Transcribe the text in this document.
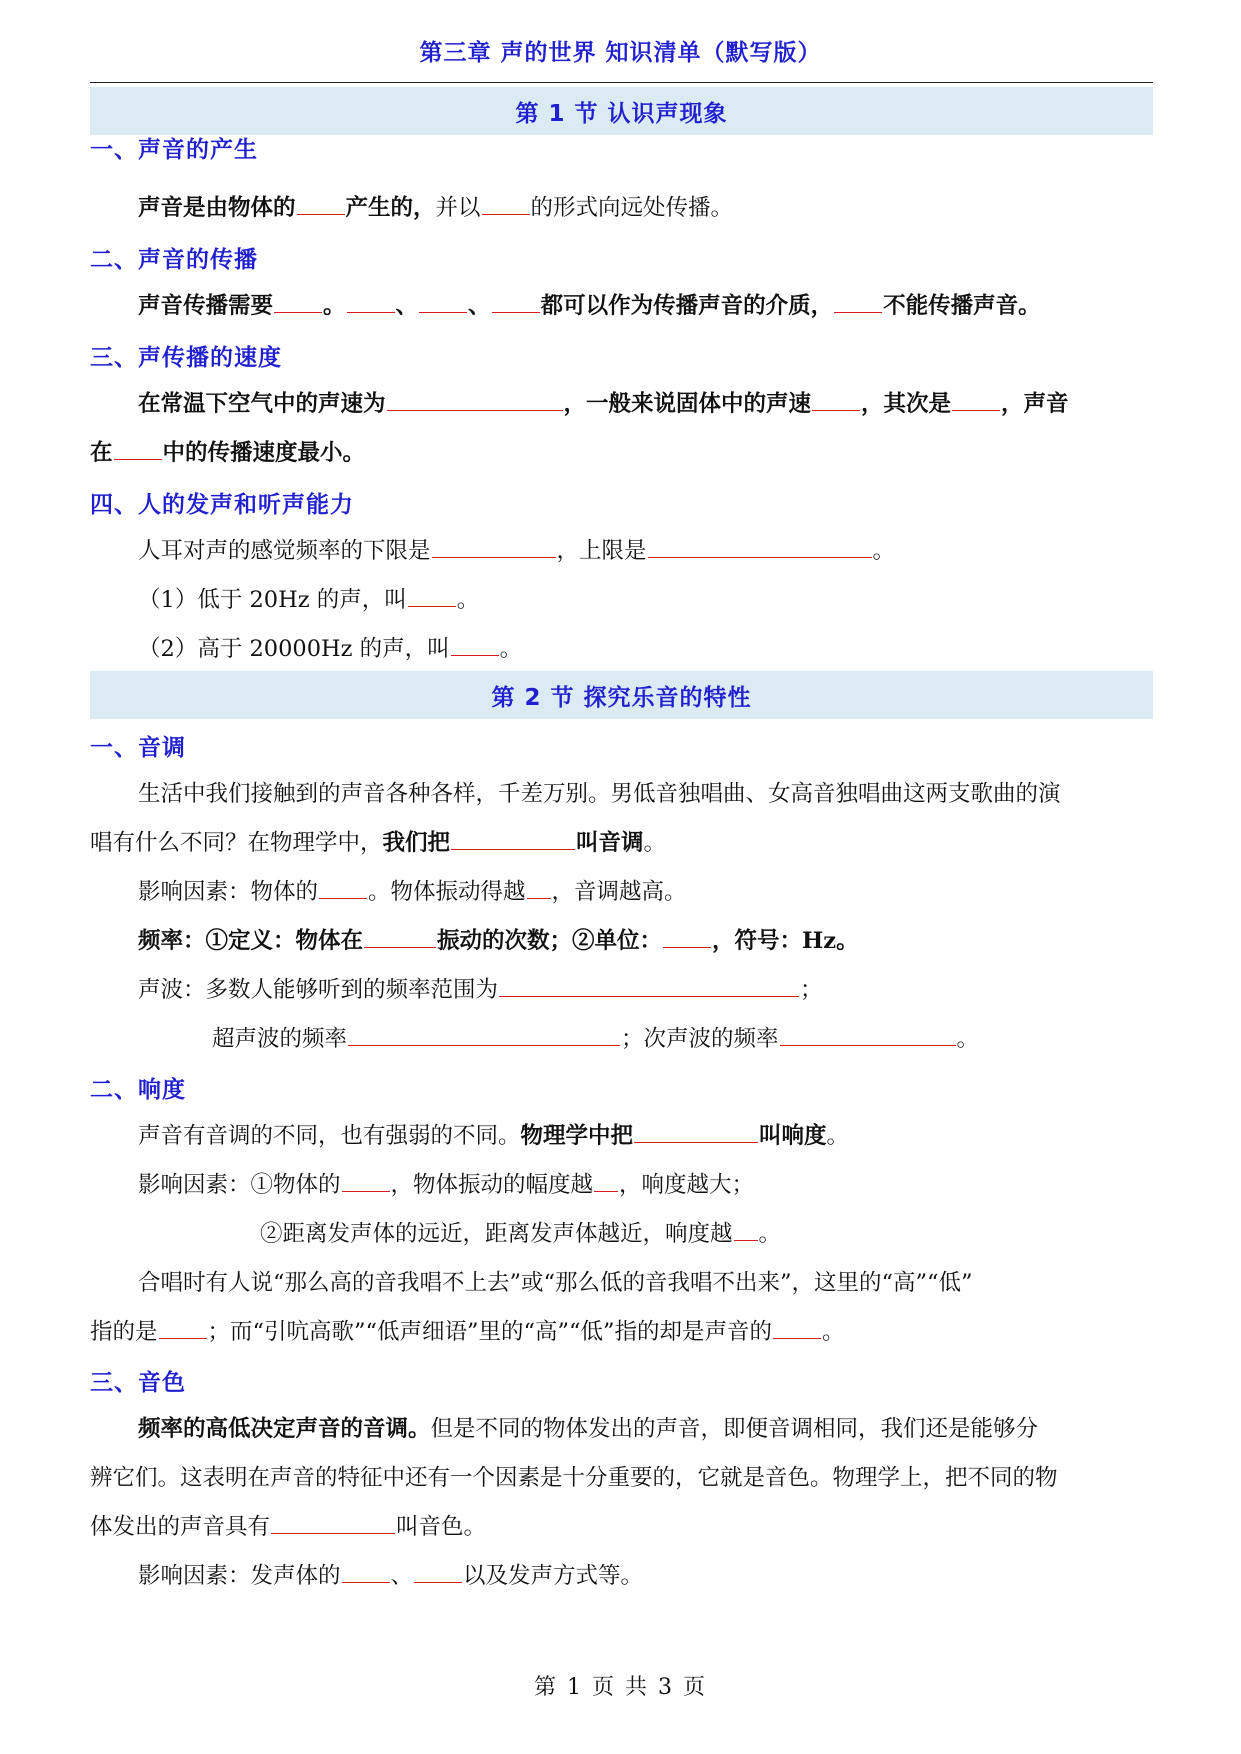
第三章 声的世界 知识清单（默写版）
第 1 节 认识声现象
一、声音的产生
声音是由物体的 产生的，并以 的形式向远处传播。
二、声音的传播
声音传播需要 。 、 、 都可以作为传播声音的介质， 不能传播声音。
三、声传播的速度
在常温下空气中的声速为	，一般来说固体中的声速 ，其次是 ，声音
在 中的传播速度最小。
四、人的发声和听声能力
人耳对声的感觉频率的下限是	，上限是	。
（1）低于 20Hz 的声，叫 。
（2）高于 20000Hz 的声，叫 。
第 2 节 探究乐音的特性
一、音调
生活中我们接触到的声音各种各样，千差万别。男低音独唱曲、女高音独唱曲这两支歌曲的演
唱有什么不同？在物理学中，我们把	叫音调。
影响因素：物体的 。物体振动得越 ，音调越高。
频率：①定义：物体在	振动的次数；②单位： ，符号：Hz。
声波：多数人能够听到的频率范围为	；
超声波的频率	；次声波的频率	。
二、响度
声音有音调的不同，也有强弱的不同。物理学中把	叫响度。
影响因素：①物体的 ，物体振动的幅度越 ，响度越大；
②距离发声体的远近，距离发声体越近，响度越 。
合唱时有人说“那么高的音我唱不上去”或“那么低的音我唱不出来”，这里的“高”“低”
指的是 ；而“引吭高歌”“低声细语”里的“高”“低”指的却是声音的 。
三、音色
频率的高低决定声音的音调。但是不同的物体发出的声音，即便音调相同，我们还是能够分
辨它们。这表明在声音的特征中还有一个因素是十分重要的，它就是音色。物理学上，把不同的物
体发出的声音具有	叫音色。
影响因素：发声体的 、 以及发声方式等。
第 1 页 共 3 页
